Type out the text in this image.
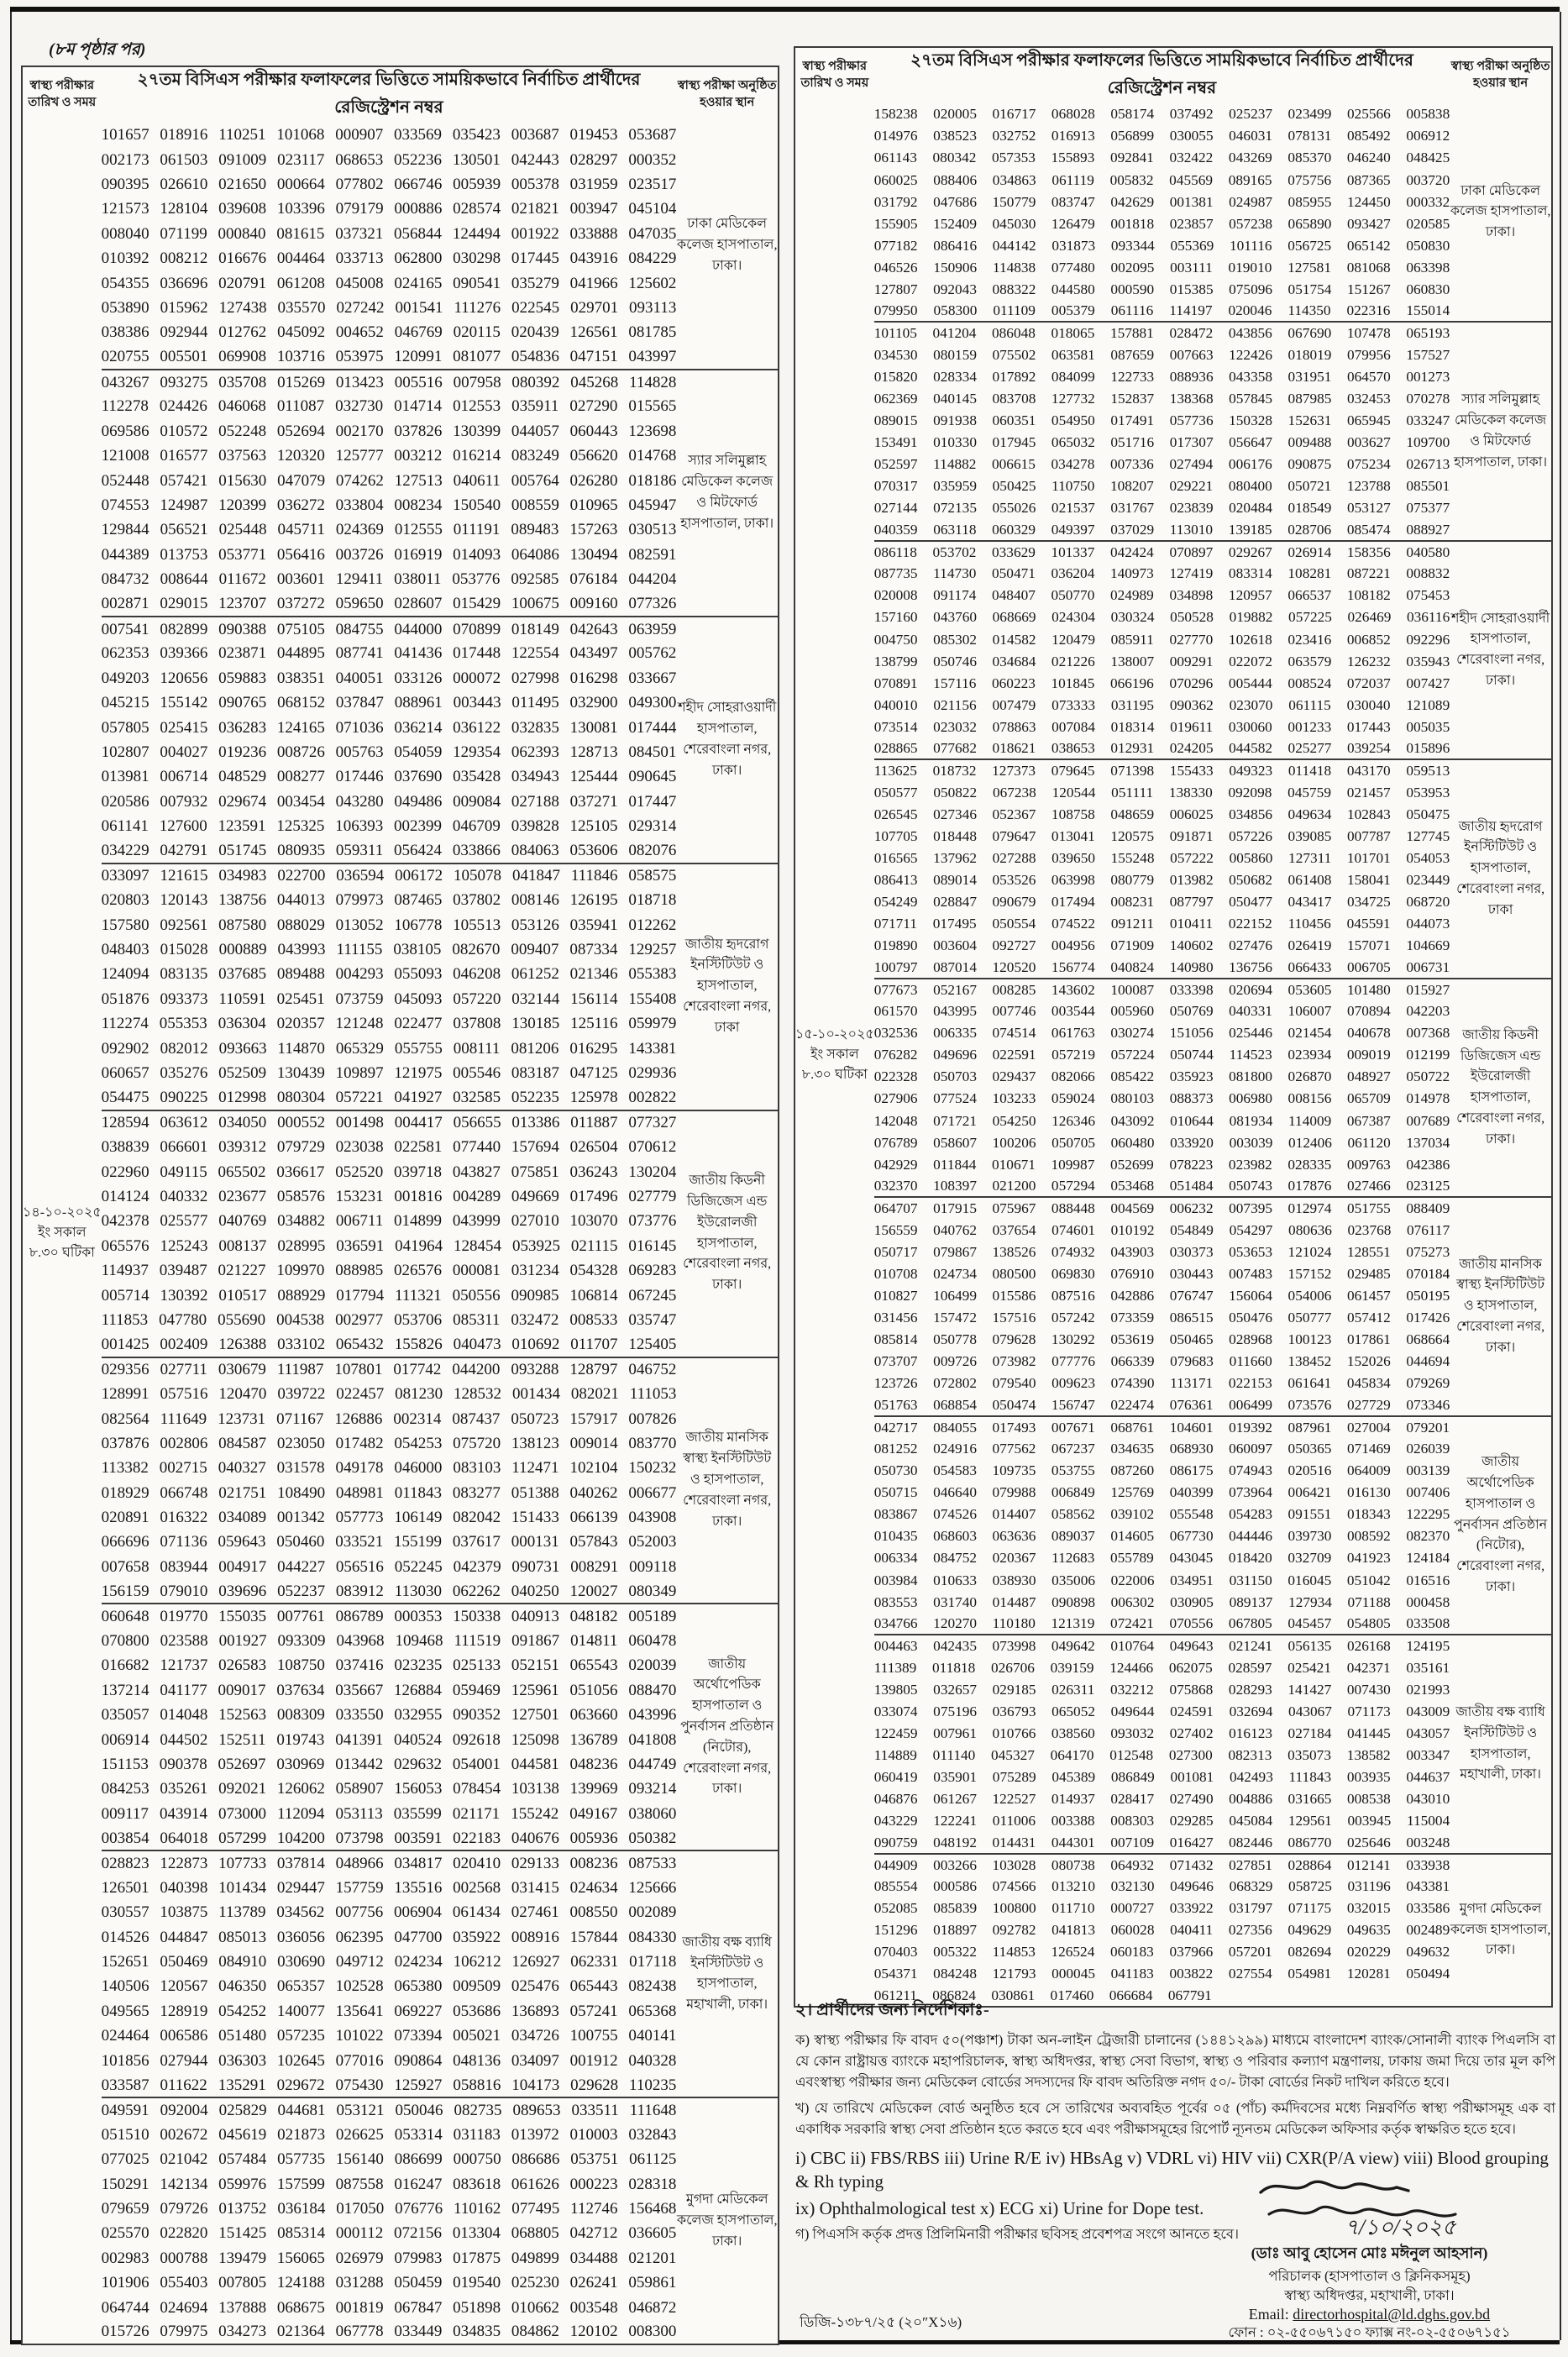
(৮ম পৃষ্ঠার পর)
স্বাস্থ্য পরীক্ষার তারিখ ও সময়	২৭তম বিসিএস পরীক্ষার ফলাফলের ভিত্তিতে সাময়িকভাবে নির্বাচিত প্রার্থীদের রেজিস্ট্রেশন নম্বর	স্বাস্থ্য পরীক্ষা অনুষ্ঠিত হওয়ার স্থান
১৪-১০-২০২৫ ইং সকাল ৮.৩০ ঘটিকা	101657 018916 110251 101068 000907 033569 035423 003687 019453 053687	ঢাকা মেডিকেল কলেজ হাসপাতাল, ঢাকা।
	002173 061503 091009 023117 068653 052236 130501 042443 028297 000352	
	090395 026610 021650 000664 077802 066746 005939 005378 031959 023517	
	121573 128104 039608 103396 079179 000886 028574 021821 003947 045104	
	008040 071199 000840 081615 037321 056844 124494 001922 033888 047035	
	010392 008212 016676 004464 033713 062800 030298 017445 043916 084229	
	054355 036696 020791 061208 045008 024165 090541 035279 041966 125602	
	053890 015962 127438 035570 027242 001541 111276 022545 029701 093113	
	038386 092944 012762 045092 004652 046769 020115 020439 126561 081785	
	020755 005501 069908 103716 053975 120991 081077 054836 047151 043997	
	043267 093275 035708 015269 013423 005516 007958 080392 045268 114828	স্যার সলিমুল্লাহ মেডিকেল কলেজ ও মিটফোর্ড হাসপাতাল, ঢাকা।
	112278 024426 046068 011087 032730 014714 012553 035911 027290 015565	
	069586 010572 052248 052694 002170 037826 130399 044057 060443 123698	
	121008 016577 037563 120320 125777 003212 016214 083249 056620 014768	
	052448 057421 015630 047079 074262 127513 040611 005764 026280 018186	
	074553 124987 120399 036272 033804 008234 150540 008559 010965 045947	
	129844 056521 025448 045711 024369 012555 011191 089483 157263 030513	
	044389 013753 053771 056416 003726 016919 014093 064086 130494 082591	
	084732 008644 011672 003601 129411 038011 053776 092585 076184 044204	
	002871 029015 123707 037272 059650 028607 015429 100675 009160 077326	
	007541 082899 090388 075105 084755 044000 070899 018149 042643 063959	শহীদ সোহরাওয়ার্দী হাসপাতাল, শেরেবাংলা নগর, ঢাকা।
	062353 039366 023871 044895 087741 041436 017448 122554 043497 005762	
	049203 120656 059883 038351 040051 033126 000072 027998 016298 033667	
	045215 155142 090765 068152 037847 088961 003443 011495 032900 049300	
	057805 025415 036283 124165 071036 036214 036122 032835 130081 017444	
	102807 004027 019236 008726 005763 054059 129354 062393 128713 084501	
	013981 006714 048529 008277 017446 037690 035428 034943 125444 090645	
	020586 007932 029674 003454 043280 049486 009084 027188 037271 017447	
	061141 127600 123591 125325 106393 002399 046709 039828 125105 029314	
	034229 042791 051745 080935 059311 056424 033866 084063 053606 082076	
	033097 121615 034983 022700 036594 006172 105078 041847 111846 058575	জাতীয় হৃদরোগ ইনস্টিটিউট ও হাসপাতাল, শেরেবাংলা নগর, ঢাকা
	020803 120143 138756 044013 079973 087465 037802 008146 126195 018718	
	157580 092561 087580 088029 013052 106778 105513 053126 035941 012262	
	048403 015028 000889 043993 111155 038105 082670 009407 087334 129257	
	124094 083135 037685 089488 004293 055093 046208 061252 021346 055383	
	051876 093373 110591 025451 073759 045093 057220 032144 156114 155408	
	112274 055353 036304 020357 121248 022477 037808 130185 125116 059979	
	092902 082012 093663 114870 065329 055755 008111 081206 016295 143381	
	060657 035276 052509 130439 109897 121975 005546 083187 047125 029936	
	054475 090225 012998 080304 057221 041927 032585 052235 125978 002822	
	128594 063612 034050 000552 001498 004417 056655 013386 011887 077327	জাতীয় কিডনী ডিজিজেস এন্ড ইউরোলজী হাসপাতাল, শেরেবাংলা নগর, ঢাকা।
	038839 066601 039312 079729 023038 022581 077440 157694 026504 070612	
	022960 049115 065502 036617 052520 039718 043827 075851 036243 130204	
	014124 040332 023677 058576 153231 001816 004289 049669 017496 027779	
	042378 025577 040769 034882 006711 014899 043999 027010 103070 073776	
	065576 125243 008137 028995 036591 041964 128454 053925 021115 016145	
	114937 039487 021227 109970 088985 026576 000081 031234 054328 069283	
	005714 130392 010517 088929 017794 111321 050556 090985 106814 067245	
	111853 047780 055690 004538 002977 053706 085311 032472 008533 035747	
	001425 002409 126388 033102 065432 155826 040473 010692 011707 125405	
	029356 027711 030679 111987 107801 017742 044200 093288 128797 046752	জাতীয় মানসিক স্বাস্থ্য ইনস্টিটিউট ও হাসপাতাল, শেরেবাংলা নগর, ঢাকা।
	128991 057516 120470 039722 022457 081230 128532 001434 082021 111053	
	082564 111649 123731 071167 126886 002314 087437 050723 157917 007826	
	037876 002806 084587 023050 017482 054253 075720 138123 009014 083770	
	113382 002715 040327 031578 049178 046000 083103 112471 102104 150232	
	018929 066748 021751 108490 048981 011843 083277 051388 040262 006677	
	020891 016322 034089 001342 057773 106149 082042 151433 066139 043908	
	066696 071136 059643 050460 033521 155199 037617 000131 057843 052003	
	007658 083944 004917 044227 056516 052245 042379 090731 008291 009118	
	156159 079010 039696 052237 083912 113030 062262 040250 120027 080349	
	060648 019770 155035 007761 086789 000353 150338 040913 048182 005189	জাতীয় অর্থোপেডিক হাসপাতাল ও পুনর্বাসন প্রতিষ্ঠান (নিটোর), শেরেবাংলা নগর, ঢাকা।
	070800 023588 001927 093309 043968 109468 111519 091867 014811 060478	
	016682 121737 026583 108750 037416 023235 025133 052151 065543 020039	
	137214 041177 009017 037634 035667 126884 059469 125961 051056 088470	
	035057 014048 152563 008309 033550 032955 090352 127501 063660 043996	
	006914 044502 152511 019743 041391 040524 092618 125098 136789 041808	
	151153 090378 052697 030969 013442 029632 054001 044581 048236 044749	
	084253 035261 092021 126062 058907 156053 078454 103138 139969 093214	
	009117 043914 073000 112094 053113 035599 021171 155242 049167 038060	
	003854 064018 057299 104200 073798 003591 022183 040676 005936 050382	
	028823 122873 107733 037814 048966 034817 020410 029133 008236 087533	জাতীয় বক্ষ ব্যাধি ইনস্টিটিউট ও হাসপাতাল, মহাখালী, ঢাকা।
	126501 040398 101434 029447 157759 135516 002568 031415 024634 125666	
	030557 103875 113789 034562 007756 006904 061434 027461 008550 002089	
	014526 044847 085013 036056 062395 047700 035922 008916 157844 084330	
	152651 050469 084910 030690 049712 024234 106212 126927 062331 017118	
	140506 120567 046350 065357 102528 065380 009509 025476 065443 082438	
	049565 128919 054252 140077 135641 069227 053686 136893 057241 065368	
	024464 006586 051480 057235 101022 073394 005021 034726 100755 040141	
	101856 027944 036303 102645 077016 090864 048136 034097 001912 040328	
	033587 011622 135291 029672 075430 125927 058816 104173 029628 110235	
	049591 092004 025829 044681 053121 050046 082735 089653 033511 111648	মুগদা মেডিকেল কলেজ হাসপাতাল, ঢাকা।
	051510 002672 045619 021873 026625 053314 031183 013972 010003 032843	
	077025 021042 057484 057735 156140 086699 000750 086686 053751 061125	
	150291 142134 059976 157599 087558 016247 083618 061626 000223 028318	
	079659 079726 013752 036184 017050 076776 110162 077495 112746 156468	
	025570 022820 151425 085314 000112 072156 013304 068805 042712 036605	
	002983 000788 139479 156065 026979 079983 017875 049899 034488 021201	
	101906 055403 007805 124188 031288 050459 019540 025230 026241 059861	
	064744 024694 137888 068675 001819 067847 051898 010662 003548 046872	
	015726 079975 034273 021364 067778 033449 034835 084862 120102 008300	
স্বাস্থ্য পরীক্ষার তারিখ ও সময়	২৭তম বিসিএস পরীক্ষার ফলাফলের ভিত্তিতে সাময়িকভাবে নির্বাচিত প্রার্থীদের রেজিস্ট্রেশন নম্বর	স্বাস্থ্য পরীক্ষা অনুষ্ঠিত হওয়ার স্থান
১৫-১০-২০২৫ ইং সকাল ৮.৩০ ঘটিকা	158238 020005 016717 068028 058174 037492 025237 023499 025566 005838	ঢাকা মেডিকেল কলেজ হাসপাতাল, ঢাকা।
	014976 038523 032752 016913 056899 030055 046031 078131 085492 006912	
	061143 080342 057353 155893 092841 032422 043269 085370 046240 048425	
	060025 088406 034863 061119 005832 045569 089165 075756 087365 003720	
	031792 047686 150779 083747 042629 001381 024987 085955 124450 000332	
	155905 152409 045030 126479 001818 023857 057238 065890 093427 020585	
	077182 086416 044142 031873 093344 055369 101116 056725 065142 050830	
	046526 150906 114838 077480 002095 003111 019010 127581 081068 063398	
	127807 092043 088322 044580 000590 015385 075096 051754 151267 060830	
	079950 058300 011109 005379 061116 114197 020046 114350 022316 155014	
	101105 041204 086048 018065 157881 028472 043856 067690 107478 065193	স্যার সলিমুল্লাহ মেডিকেল কলেজ ও মিটফোর্ড হাসপাতাল, ঢাকা।
	034530 080159 075502 063581 087659 007663 122426 018019 079956 157527	
	015820 028334 017892 084099 122733 088936 043358 031951 064570 001273	
	062369 040145 083708 127732 152837 138368 057845 087985 032453 070278	
	089015 091938 060351 054950 017491 057736 150328 152631 065945 033247	
	153491 010330 017945 065032 051716 017307 056647 009488 003627 109700	
	052597 114882 006615 034278 007336 027494 006176 090875 075234 026713	
	070317 035959 050425 110750 108207 029221 080400 050721 123788 085501	
	027144 072135 055026 021537 031767 023839 020484 018549 053127 075377	
	040359 063118 060329 049397 037029 113010 139185 028706 085474 088927	
	086118 053702 033629 101337 042424 070897 029267 026914 158356 040580	শহীদ সোহরাওয়ার্দী হাসপাতাল, শেরেবাংলা নগর, ঢাকা।
	087735 114730 050471 036204 140973 127419 083314 108281 087221 008832	
	020008 091174 048407 050770 024989 034898 120957 066537 108182 075453	
	157160 043760 068669 024304 030324 050528 019882 057225 026469 036116	
	004750 085302 014582 120479 085911 027770 102618 023416 006852 092296	
	138799 050746 034684 021226 138007 009291 022072 063579 126232 035943	
	070891 157116 060223 101845 066196 070296 005444 008524 072037 007427	
	040010 021156 007479 073333 031195 090362 023070 061115 030040 121089	
	073514 023032 078863 007084 018314 019611 030060 001233 017443 005035	
	028865 077682 018621 038653 012931 024205 044582 025277 039254 015896	
	113625 018732 127373 079645 071398 155433 049323 011418 043170 059513	জাতীয় হৃদরোগ ইনস্টিটিউট ও হাসপাতাল, শেরেবাংলা নগর, ঢাকা
	050577 050822 067238 120544 051111 138330 092098 045759 021457 053953	
	026545 027346 052367 108758 048659 006025 034856 049634 102843 050475	
	107705 018448 079647 013041 120575 091871 057226 039085 007787 127745	
	016565 137962 027288 039650 155248 057222 005860 127311 101701 054053	
	086413 089014 053526 063998 080779 013982 050682 061408 158041 023449	
	054249 028847 090679 017494 008231 087797 050477 043417 034725 068720	
	071711 017495 050554 074522 091211 010411 022152 110456 045591 044073	
	019890 003604 092727 004956 071909 140602 027476 026419 157071 104669	
	100797 087014 120520 156774 040824 140980 136756 066433 006705 006731	
	077673 052167 008285 143602 100087 033398 020694 053605 101480 015927	জাতীয় কিডনী ডিজিজেস এন্ড ইউরোলজী হাসপাতাল, শেরেবাংলা নগর, ঢাকা।
	061570 043995 007746 003544 005960 050769 040331 106007 070894 042203	
	032536 006335 074514 061763 030274 151056 025446 021454 040678 007368	
	076282 049696 022591 057219 057224 050744 114523 023934 009019 012199	
	022328 050703 029437 082066 085422 035923 081800 026870 048927 050722	
	027906 077524 103233 059024 080103 088373 006980 008156 065709 014978	
	142048 071721 054250 126346 043092 010644 081934 114009 067387 007689	
	076789 058607 100206 050705 060480 033920 003039 012406 061120 137034	
	042929 011844 010671 109987 052699 078223 023982 028335 009763 042386	
	032370 108397 021200 057294 053468 051484 050743 017876 027466 023125	
	064707 017915 075967 088448 004569 006232 007395 012974 051755 088409	জাতীয় মানসিক স্বাস্থ্য ইনস্টিটিউট ও হাসপাতাল, শেরেবাংলা নগর, ঢাকা।
	156559 040762 037654 074601 010192 054849 054297 080636 023768 076117	
	050717 079867 138526 074932 043903 030373 053653 121024 128551 075273	
	010708 024734 080500 069830 076910 030443 007483 157152 029485 070184	
	010827 106499 015586 087516 042886 076747 156064 054006 061457 050195	
	031456 157472 157516 057242 073359 086515 050476 050777 057412 017426	
	085814 050778 079628 130292 053619 050465 028968 100123 017861 068664	
	073707 009726 073982 077776 066339 079683 011660 138452 152026 044694	
	123726 072802 079540 009623 074390 113171 022153 061641 045834 079269	
	051763 068854 050474 156747 022474 076361 006499 073576 027729 073346	
	042717 084055 017493 007671 068761 104601 019392 087961 027004 079201	জাতীয় অর্থোপেডিক হাসপাতাল ও পুনর্বাসন প্রতিষ্ঠান (নিটোর), শেরেবাংলা নগর, ঢাকা।
	081252 024916 077562 067237 034635 068930 060097 050365 071469 026039	
	050730 054583 109735 053755 087260 086175 074943 020516 064009 003139	
	050715 046640 079988 006849 125769 040399 073964 006421 016130 007406	
	083867 074526 014407 058562 039102 055548 054283 091551 018343 122295	
	010435 068603 063636 089037 014605 067730 044446 039730 008592 082370	
	006334 084752 020367 112683 055789 043045 018420 032709 041923 124184	
	003984 010633 038930 035006 022006 034951 031150 016045 051042 016516	
	083553 031740 014487 090898 006302 030905 089137 127934 071188 000458	
	034766 120270 110180 121319 072421 070556 067805 045457 054805 033508	
	004463 042435 073998 049642 010764 049643 021241 056135 026168 124195	জাতীয় বক্ষ ব্যাধি ইনস্টিটিউট ও হাসপাতাল, মহাখালী, ঢাকা।
	111389 011818 026706 039159 124466 062075 028597 025421 042371 035161	
	139805 032657 029185 026311 032212 075868 028293 141427 007430 021993	
	033074 075196 036793 065052 049644 024591 032694 043067 071173 043009	
	122459 007961 010766 038560 093032 027402 016123 027184 041445 043057	
	114889 011140 045327 064170 012548 027300 082313 035073 138582 003347	
	060419 035901 075289 045389 086849 001081 042493 111843 003935 044637	
	046876 061267 122527 014937 028417 027490 004886 031665 008538 043010	
	043229 122241 011006 003388 008303 029285 045084 129561 003945 115004	
	090759 048192 014431 044301 007109 016427 082446 086770 025646 003248	
	044909 003266 103028 080738 064932 071432 027851 028864 012141 033938	মুগদা মেডিকেল কলেজ হাসপাতাল, ঢাকা।
	085554 000586 074566 013210 032130 049646 068329 058725 031196 043381	
	052085 085839 100800 011710 000727 033922 031797 071175 032015 033586	
	151296 018897 092782 041813 060028 040411 027356 049629 049635 002489	
	070403 005322 114853 126524 060183 037966 057201 082694 020229 049632	
	054371 084248 121793 000045 041183 003822 027554 054981 120281 050494	
	061211 086824 030861 017460 066684 067791	
২। প্রার্থীদের জন্য নির্দেশিকাঃ-

ক) স্বাস্থ্য পরীক্ষার ফি বাবদ ৫০(পঞ্চাশ) টাকা অন-লাইন ট্রেজারী চালানের (১৪৪১২৯৯) মাধ্যমে বাংলাদেশ ব্যাংক/সোনালী ব্যাংক পিএলসি বা যে কোন রাষ্ট্রায়ত্ত ব্যাংকে মহাপরিচালক, স্বাস্থ্য অধিদপ্তর, স্বাস্থ্য সেবা বিভাগ, স্বাস্থ্য ও পরিবার কল্যাণ মন্ত্রণালয়, ঢাকায় জমা দিয়ে তার মূল কপি এবংস্বাস্থ্য পরীক্ষার জন্য মেডিকেল বোর্ডের সদস্যদের ফি বাবদ অতিরিক্ত নগদ ৫০/- টাকা বোর্ডের নিকট দাখিল করিতে হবে।

খ) যে তারিখে মেডিকেল বোর্ড অনুষ্ঠিত হবে সে তারিখের অব্যবহিত পূর্বের ০৫ (পাঁচ) কর্মদিবসের মধ্যে নিম্নবর্ণিত স্বাস্থ্য পরীক্ষাসমূহ এক বা একাধিক সরকারি স্বাস্থ্য সেবা প্রতিষ্ঠান হতে করতে হবে এবং পরীক্ষাসমূহের রিপোর্ট ন্যূনতম মেডিকেল অফিসার কর্তৃক স্বাক্ষরিত হতে হবে।

i) CBC ii) FBS/RBS iii) Urine R/E iv) HBsAg v) VDRL vi) HIV vii) CXR(P/A view) viii) Blood grouping & Rh typing

ix) Ophthalmological test x) ECG xi) Urine for Dope test.

গ) পিএসসি কর্তৃক প্রদত্ত প্রিলিমিনারী পরীক্ষার ছবিসহ প্রবেশপত্র সংগে আনতে হবে।	৭/১০/২০২৫
(ডাঃ আবু হোসেন মোঃ মঈনুল আহসান)
পরিচালক (হাসপাতাল ও ক্লিনিকসমূহ)
স্বাস্থ্য অধিদপ্তর, মহাখালী, ঢাকা।
Email: directorhospital@ld.dghs.gov.bd
ফোন : ০২-৫৫০৬৭১৫০ ফ্যাক্স নং-০২-৫৫০৬৭১৫১
ডিজি-১৩৮৭/২৫ (২০″X১৬)
